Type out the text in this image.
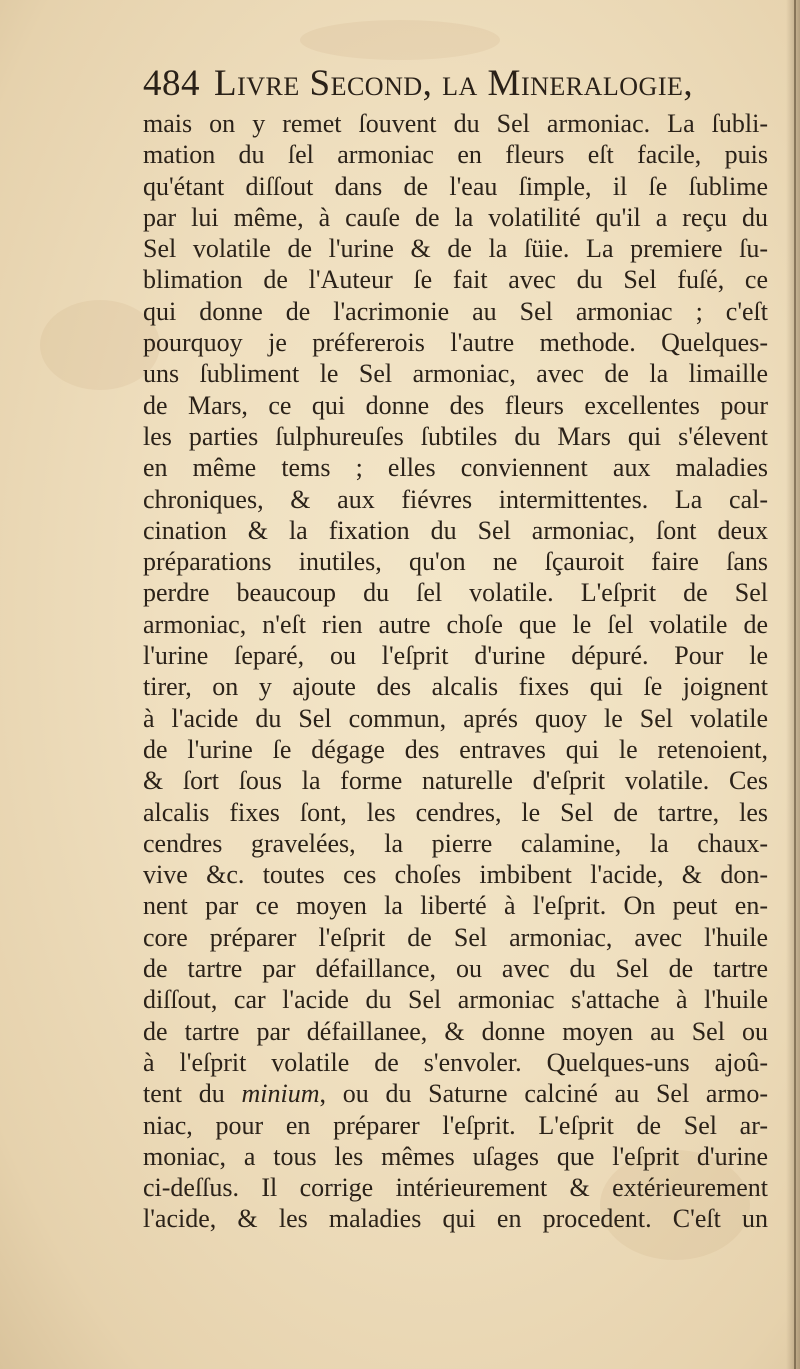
484 Livre Second, la Mineralogie,
mais on y remet ſouvent du Sel armoniac. La ſubli-
mation du ſel armoniac en fleurs eſt facile, puis
qu'étant diſſout dans de l'eau ſimple, il ſe ſublime
par lui même, à cauſe de la volatilité qu'il a reçu du
Sel volatile de l'urine & de la ſüie. La premiere ſu-
blimation de l'Auteur ſe fait avec du Sel fuſé, ce
qui donne de l'acrimonie au Sel armoniac ; c'eſt
pourquoy je préfererois l'autre methode. Quelques-
uns ſubliment le Sel armoniac, avec de la limaille
de Mars, ce qui donne des fleurs excellentes pour
les parties ſulphureuſes ſubtiles du Mars qui s'élevent
en même tems ; elles conviennent aux maladies
chroniques, & aux fiévres intermittentes. La cal-
cination & la fixation du Sel armoniac, ſont deux
préparations inutiles, qu'on ne ſçauroit faire ſans
perdre beaucoup du ſel volatile. L'eſprit de Sel
armoniac, n'eſt rien autre choſe que le ſel volatile de
l'urine ſeparé, ou l'eſprit d'urine dépuré. Pour le
tirer, on y ajoute des alcalis fixes qui ſe joignent
à l'acide du Sel commun, aprés quoy le Sel volatile
de l'urine ſe dégage des entraves qui le retenoient,
& ſort ſous la forme naturelle d'eſprit volatile. Ces
alcalis fixes ſont, les cendres, le Sel de tartre, les
cendres gravelées, la pierre calamine, la chaux-
vive &c. toutes ces choſes imbibent l'acide, & don-
nent par ce moyen la liberté à l'eſprit. On peut en-
core préparer l'eſprit de Sel armoniac, avec l'huile
de tartre par défaillance, ou avec du Sel de tartre
diſſout, car l'acide du Sel armoniac s'attache à l'huile
de tartre par défaillanee, & donne moyen au Sel ou
à l'eſprit volatile de s'envoler. Quelques-uns ajoû-
tent du minium, ou du Saturne calciné au Sel armo-
niac, pour en préparer l'eſprit. L'eſprit de Sel ar-
moniac, a tous les mêmes uſages que l'eſprit d'urine
ci-deſſus. Il corrige intérieurement & extérieurement
l'acide, & les maladies qui en procedent. C'eſt un
